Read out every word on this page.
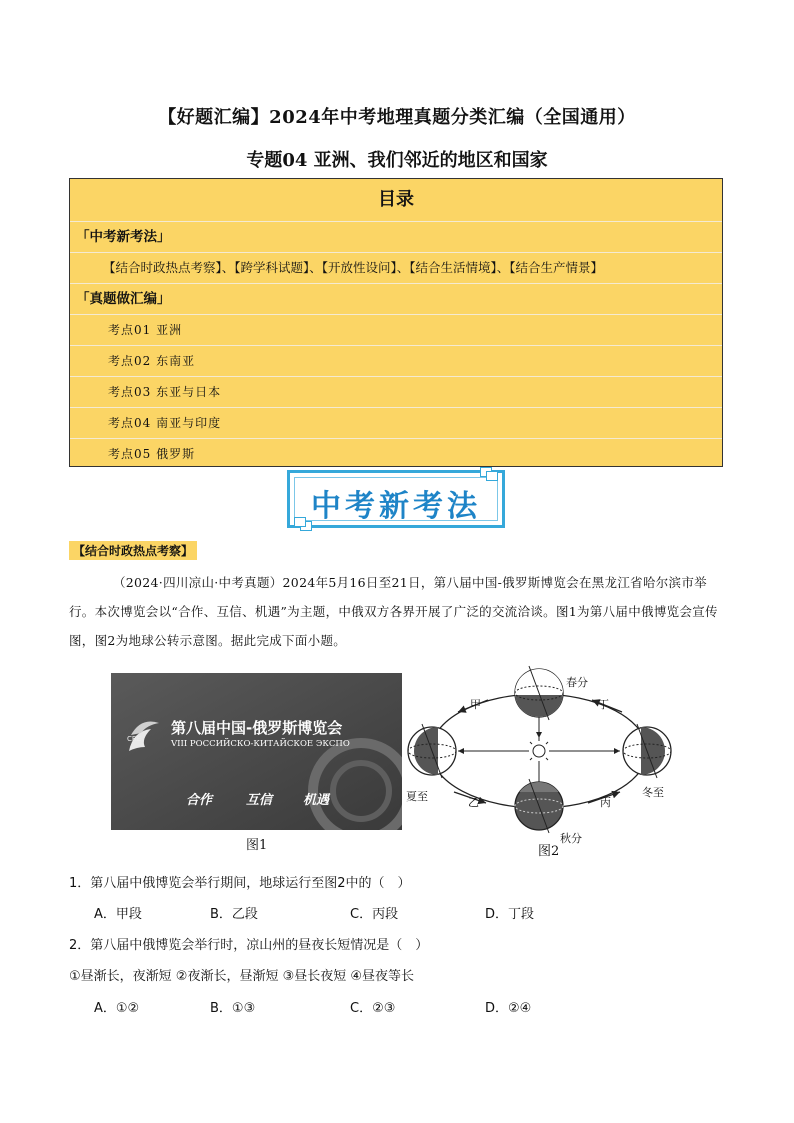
【好题汇编】2024年中考地理真题分类汇编（全国通用）
专题04 亚洲、我们邻近的地区和国家
目录
「中考新考法」
【结合时政热点考察】、【跨学科试题】、【开放性设问】、【结合生活情境】、【结合生产情景】
「真题做汇编」
考点01 亚洲
考点02 东南亚
考点03 东亚与日本
考点04 南亚与印度
考点05 俄罗斯
中考新考法
【结合时政热点考察】
（2024·四川凉山·中考真题）2024年5月16日至21日，第八届中国-俄罗斯博览会在黑龙江省哈尔滨市举行。本次博览会以“合作、互信、机遇”为主题，中俄双方各界开展了广泛的交流洽谈。图1为第八届中俄博览会宣传图，图2为地球公转示意图。据此完成下面小题。
CRE
第八届中国-俄罗斯博览会
VIII РОССИЙСКО-КИТАЙСКОЕ ЭКСПО
合作	互信 机遇
图1
春分
夏至
秋分
冬至
甲
乙	丙
丁
图2
1．第八届中俄博览会举行期间，地球运行至图2中的（　）
A．甲段	B．乙段	C．丙段	D．丁段
2．第八届中俄博览会举行时，凉山州的昼夜长短情况是（　）
①昼渐长，夜渐短 ②夜渐长，昼渐短 ③昼长夜短 ④昼夜等长
A．①②	B．①③	C．②③	D．②④
